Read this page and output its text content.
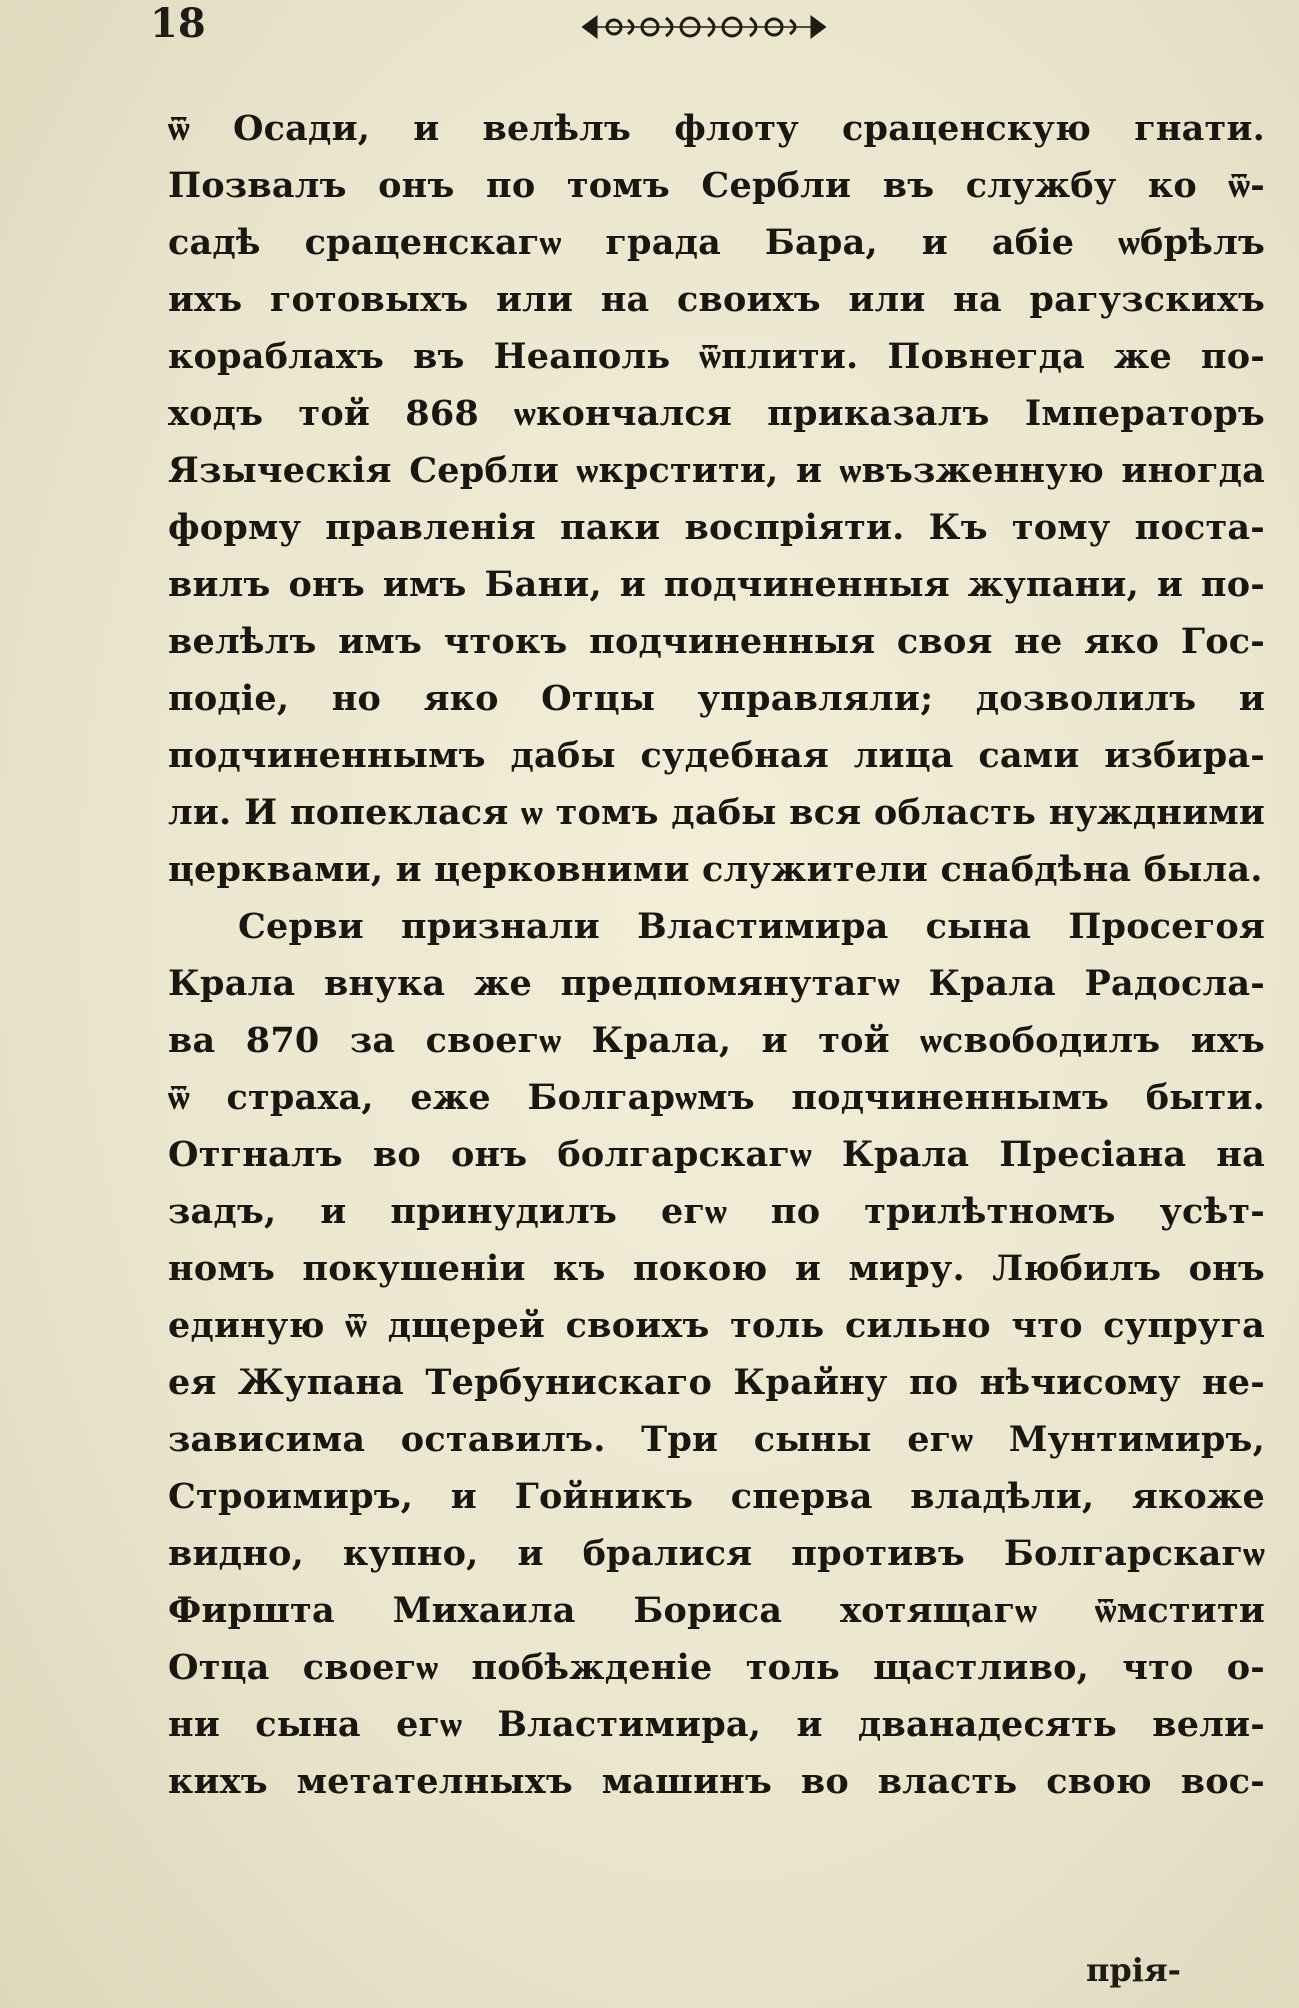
18
ѿ Осади, и велѣлъ флоту сраценскую гнати.
Позвалъ онъ по томъ Сербли въ службу ко ѿ-
садѣ сраценскагѡ града Бара, и абiе ѡбрѣлъ
ихъ готовыхъ или на своихъ или на рагузскихъ
кораблахъ въ Неаполь ѿплити. Повнегда же по-
ходъ той 868 ѡкончался приказалъ Iмператоръ
Языческiя Сербли ѡкрстити, и ѡвъзженную иногда
форму правленiя паки воспрiяти. Къ тому поста-
вилъ онъ имъ Бани, и подчиненныя жупани, и по-
велѣлъ имъ чтокъ подчиненныя своя не яко Гос-
подiе, но яко Отцы управляли; дозволилъ и
подчиненнымъ дабы судебная лица сами избира-
ли. И попеклася ѡ томъ дабы вся область нуждними
церквами, и церковними служители снабдѣна была.
Серви признали Властимира сына Просегоя
Крала внука же предпомянутагѡ Крала Радосла-
ва 870 за своегѡ Крала, и той ѡсвободилъ ихъ
ѿ страха, еже Болгарѡмъ подчиненнымъ быти.
Отгналъ во онъ болгарскагѡ Крала Пресiана на
задъ, и принудилъ егѡ по трилѣтномъ усѣт-
номъ покушенiи къ покою и миру. Любилъ онъ
единую ѿ дщерей своихъ толь сильно что супруга
ея Жупана Тербунискаго Крайну по нѣчисому не-
зависима оставилъ. Три сыны егѡ Мунтимиръ,
Строимиръ, и Гойникъ сперва владѣли, якоже
видно, купно, и бралися противъ Болгарскагѡ
Фирштa Михаила Бориса хотящагѡ ѿмстити
Отца своегѡ побѣжденiе толь щастливо, что о-
ни сына егѡ Властимира, и дванадесять вели-
кихъ метателныхъ машинъ во власть свою вос-
прiя-
